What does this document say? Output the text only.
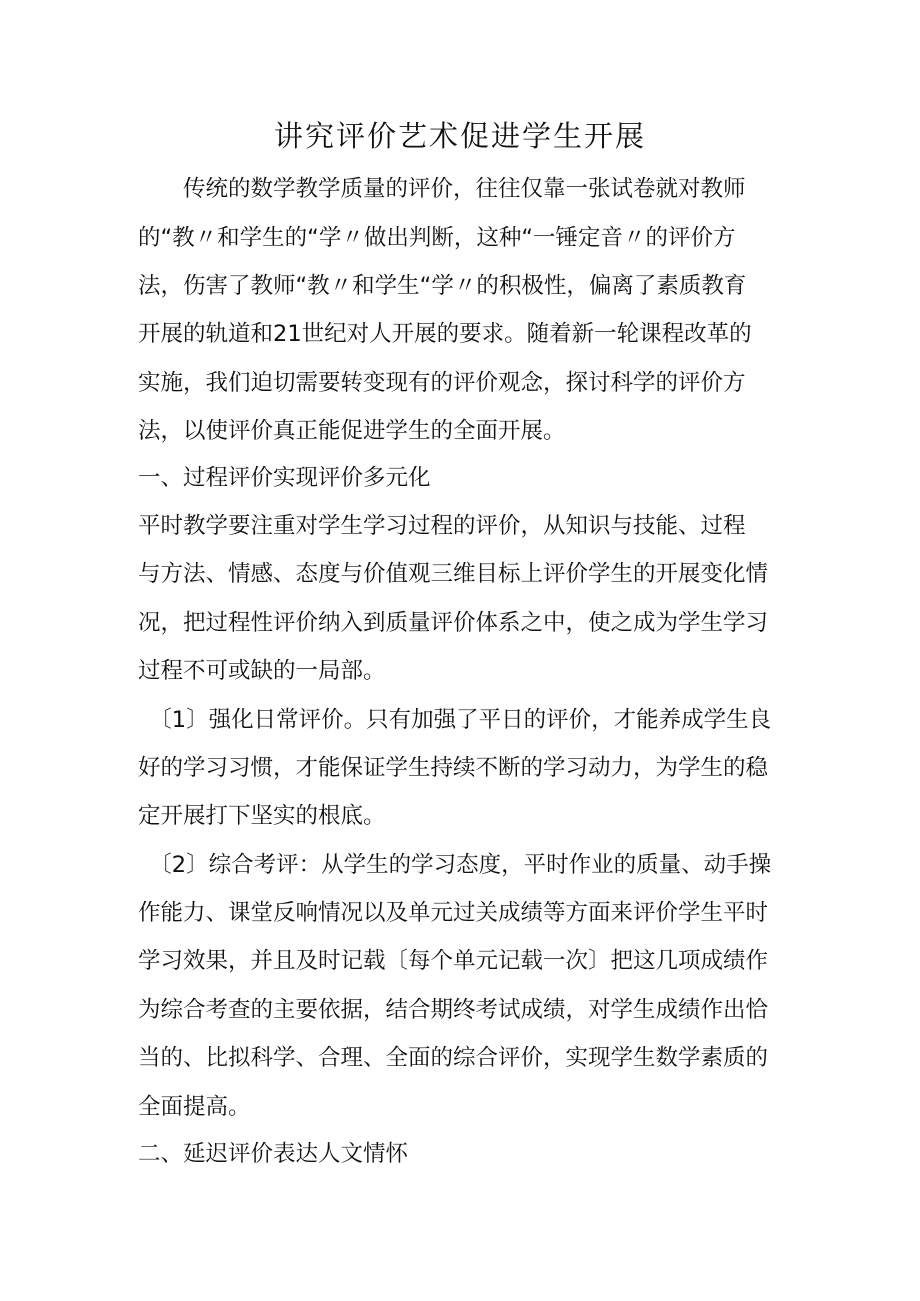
讲究评价艺术促进学生开展
　　传统的数学教学质量的评价，往往仅靠一张试卷就对教师
的“教〃和学生的“学〃做出判断，这种“一锤定音〃的评价方
法，伤害了教师“教〃和学生“学〃的积极性，偏离了素质教育
开展的轨道和21世纪对人开展的要求。随着新一轮课程改革的
实施，我们迫切需要转变现有的评价观念，探讨科学的评价方
法，以使评价真正能促进学生的全面开展。
一、过程评价实现评价多元化
平时教学要注重对学生学习过程的评价，从知识与技能、过程
与方法、情感、态度与价值观三维目标上评价学生的开展变化情
况，把过程性评价纳入到质量评价体系之中，使之成为学生学习
过程不可或缺的一局部。
　〔1〕强化日常评价。只有加强了平日的评价，才能养成学生良
好的学习习惯，才能保证学生持续不断的学习动力，为学生的稳
定开展打下坚实的根底。
　〔2〕综合考评：从学生的学习态度，平时作业的质量、动手操
作能力、课堂反响情况以及单元过关成绩等方面来评价学生平时
学习效果，并且及时记载〔每个单元记载一次〕把这几项成绩作
为综合考查的主要依据，结合期终考试成绩，对学生成绩作出恰
当的、比拟科学、合理、全面的综合评价，实现学生数学素质的
全面提高。
二、延迟评价表达人文情怀
